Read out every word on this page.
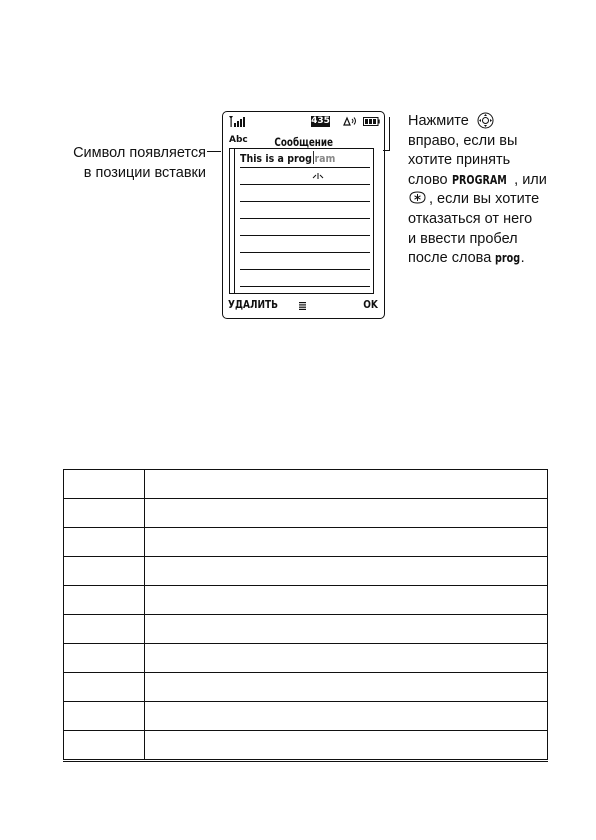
Символ появляется
в позиции вставки
435
Abc	Сообщение
This is a prog ram
УДАЛИТЬ	OK
Нажмите
вправо, если вы
хотите принять
слово PROGRAM , или
, если вы хотите
отказаться от него
и ввести пробел
после слова prog.
